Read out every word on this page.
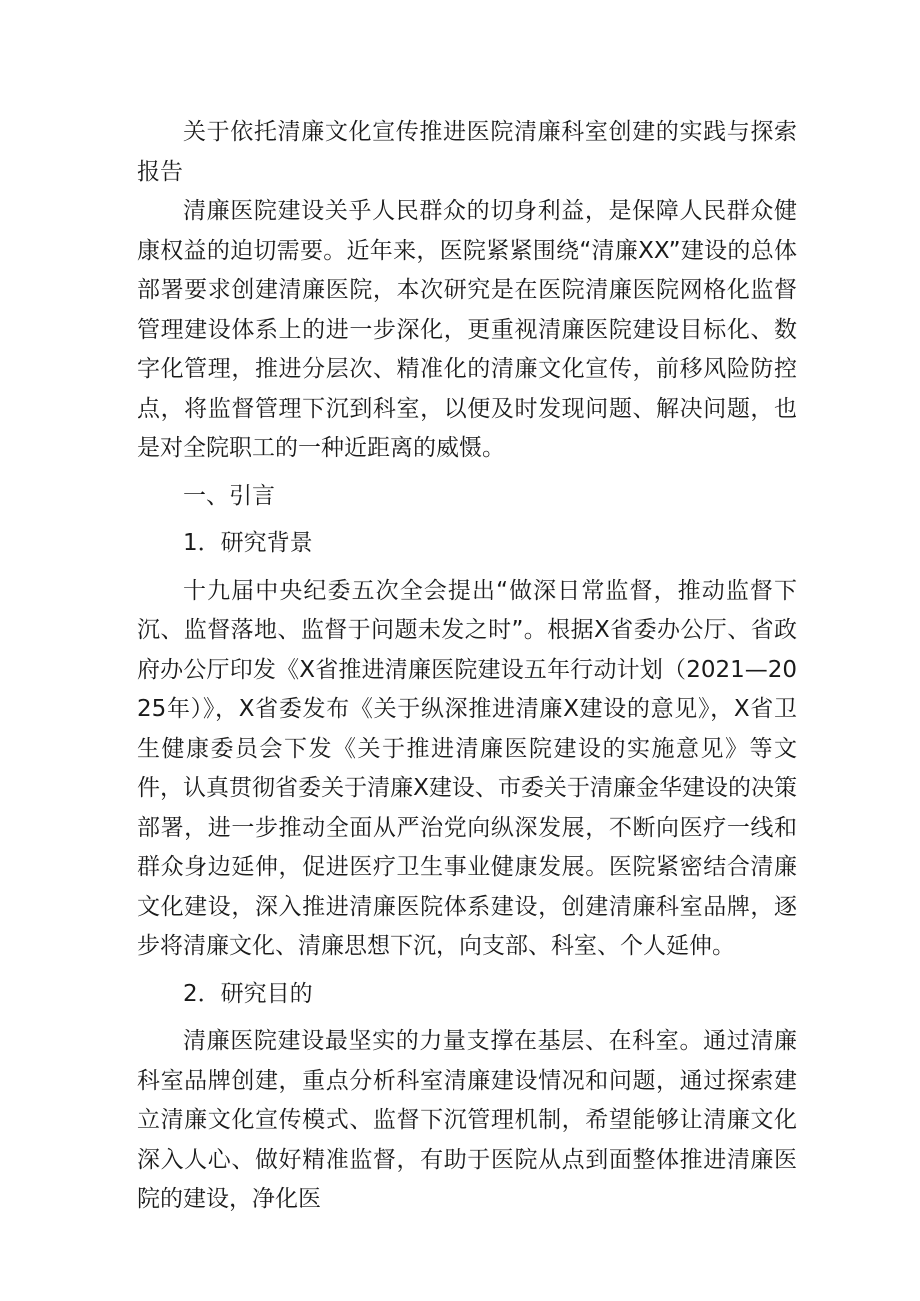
关于依托清廉文化宣传推进医院清廉科室创建的实践与探索报告

清廉医院建设关乎人民群众的切身利益，是保障人民群众健康权益的迫切需要。近年来，医院紧紧围绕“清廉XX”建设的总体部署要求创建清廉医院，本次研究是在医院清廉医院网格化监督管理建设体系上的进一步深化，更重视清廉医院建设目标化、数字化管理，推进分层次、精准化的清廉文化宣传，前移风险防控点，将监督管理下沉到科室，以便及时发现问题、解决问题，也是对全院职工的一种近距离的威慑。

一、引言

1．研究背景

十九届中央纪委五次全会提出“做深日常监督，推动监督下沉、监督落地、监督于问题未发之时”。根据X省委办公厅、省政府办公厅印发《X省推进清廉医院建设五年行动计划（2021—2025年）》，X省委发布《关于纵深推进清廉X建设的意见》，X省卫生健康委员会下发《关于推进清廉医院建设的实施意见》等文件，认真贯彻省委关于清廉X建设、市委关于清廉金华建设的决策部署，进一步推动全面从严治党向纵深发展，不断向医疗一线和群众身边延伸，促进医疗卫生事业健康发展。医院紧密结合清廉文化建设，深入推进清廉医院体系建设，创建清廉科室品牌，逐步将清廉文化、清廉思想下沉，向支部、科室、个人延伸。

2．研究目的

清廉医院建设最坚实的力量支撑在基层、在科室。通过清廉科室品牌创建，重点分析科室清廉建设情况和问题，通过探索建立清廉文化宣传模式、监督下沉管理机制，希望能够让清廉文化深入人心、做好精准监督，有助于医院从点到面整体推进清廉医院的建设，净化医
